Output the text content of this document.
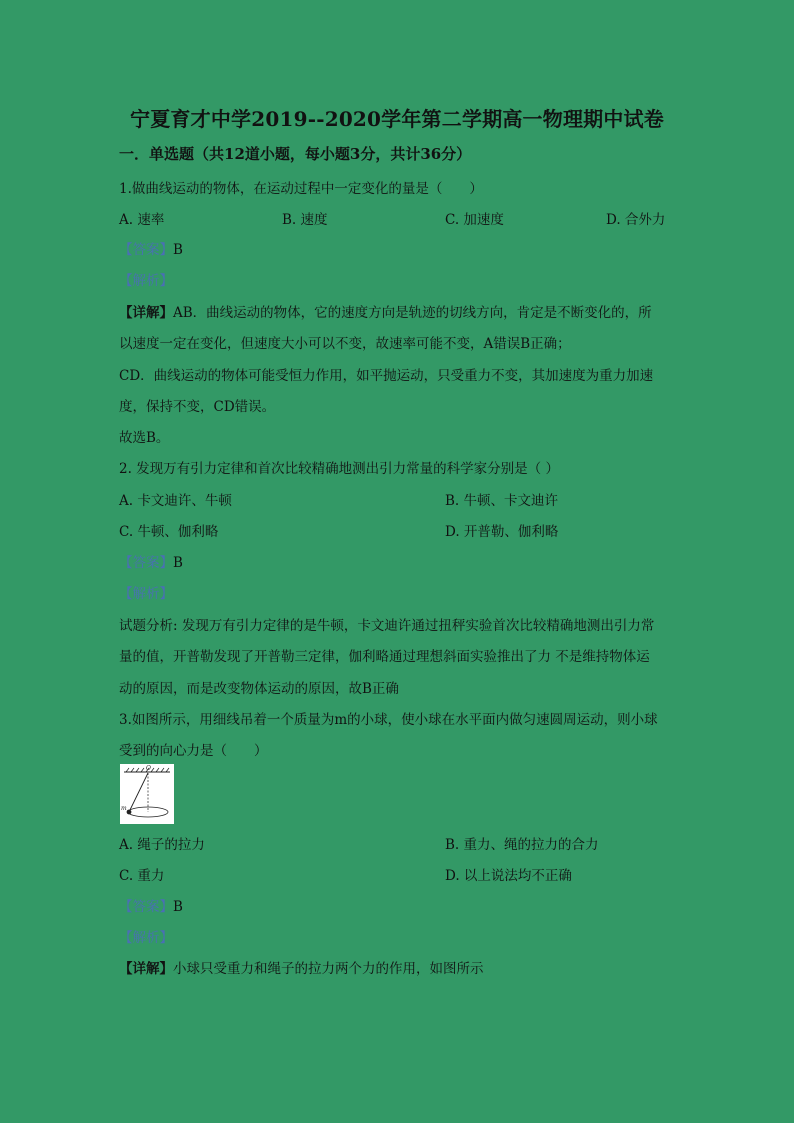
宁夏育才中学2019--2020学年第二学期高一物理期中试卷
一．单选题（共12道小题，每小题3分，共计36分）
1.做曲线运动的物体，在运动过程中一定变化的量是（　　）
A. 速率	B. 速度	C. 加速度	D. 合外力
【答案】B
【解析】
【详解】AB．曲线运动的物体，它的速度方向是轨迹的切线方向，肯定是不断变化的，所
以速度一定在变化，但速度大小可以不变，故速率可能不变，A错误B正确；
CD．曲线运动的物体可能受恒力作用，如平抛运动，只受重力不变，其加速度为重力加速
度，保持不变，CD错误。
故选B。
2. 发现万有引力定律和首次比较精确地测出引力常量的科学家分别是（ ）
A. 卡文迪许、牛顿	B. 牛顿、卡文迪许
C. 牛顿、伽利略	D. 开普勒、伽利略
【答案】B
【解析】
试题分析: 发现万有引力定律的是牛顿，卡文迪许通过扭秤实验首次比较精确地测出引力常
量的值，开普勒发现了开普勒三定律，伽利略通过理想斜面实验推出了力 不是维持物体运
动的原因，而是改变物体运动的原因，故B正确
3.如图所示，用细线吊着一个质量为m的小球，使小球在水平面内做匀速圆周运动，则小球
受到的向心力是（　　）
O
m
A. 绳子的拉力	B. 重力、绳的拉力的合力
C. 重力	D. 以上说法均不正确
【答案】B
【解析】
【详解】小球只受重力和绳子的拉力两个力的作用，如图所示
